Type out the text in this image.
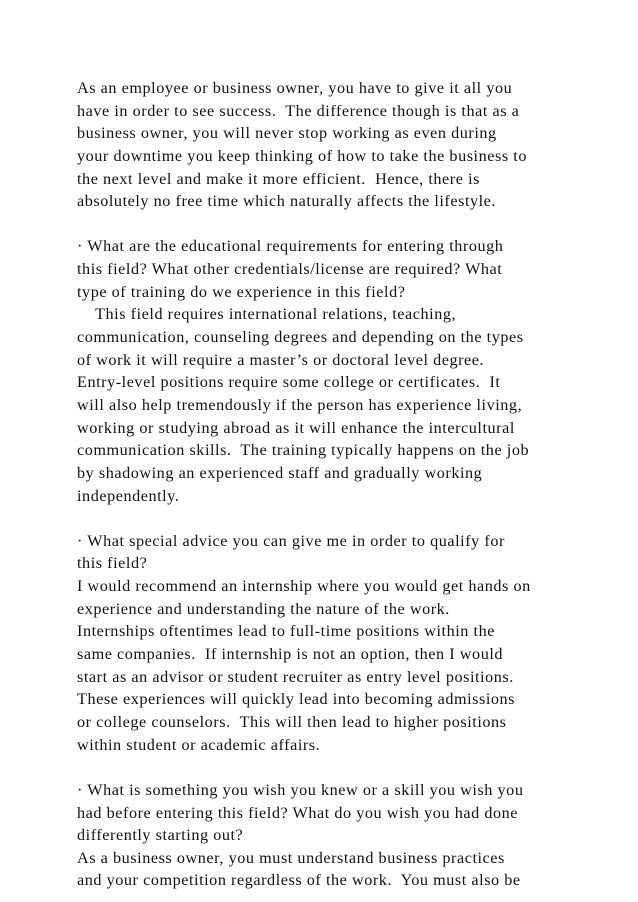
As an employee or business owner, you have to give it all you
have in order to see success.  The difference though is that as a
business owner, you will never stop working as even during
your downtime you keep thinking of how to take the business to
the next level and make it more efficient.  Hence, there is
absolutely no free time which naturally affects the lifestyle.
· What are the educational requirements for entering through
this field? What other credentials/license are required? What
type of training do we experience in this field?
This field requires international relations, teaching,
communication, counseling degrees and depending on the types
of work it will require a master’s or doctoral level degree.
Entry-level positions require some college or certificates.  It
will also help tremendously if the person has experience living,
working or studying abroad as it will enhance the intercultural
communication skills.  The training typically happens on the job
by shadowing an experienced staff and gradually working
independently.
· What special advice you can give me in order to qualify for
this field?
I would recommend an internship where you would get hands on
experience and understanding the nature of the work.
Internships oftentimes lead to full-time positions within the
same companies.  If internship is not an option, then I would
start as an advisor or student recruiter as entry level positions.
These experiences will quickly lead into becoming admissions
or college counselors.  This will then lead to higher positions
within student or academic affairs.
· What is something you wish you knew or a skill you wish you
had before entering this field? What do you wish you had done
differently starting out?
As a business owner, you must understand business practices
and your competition regardless of the work.  You must also be
